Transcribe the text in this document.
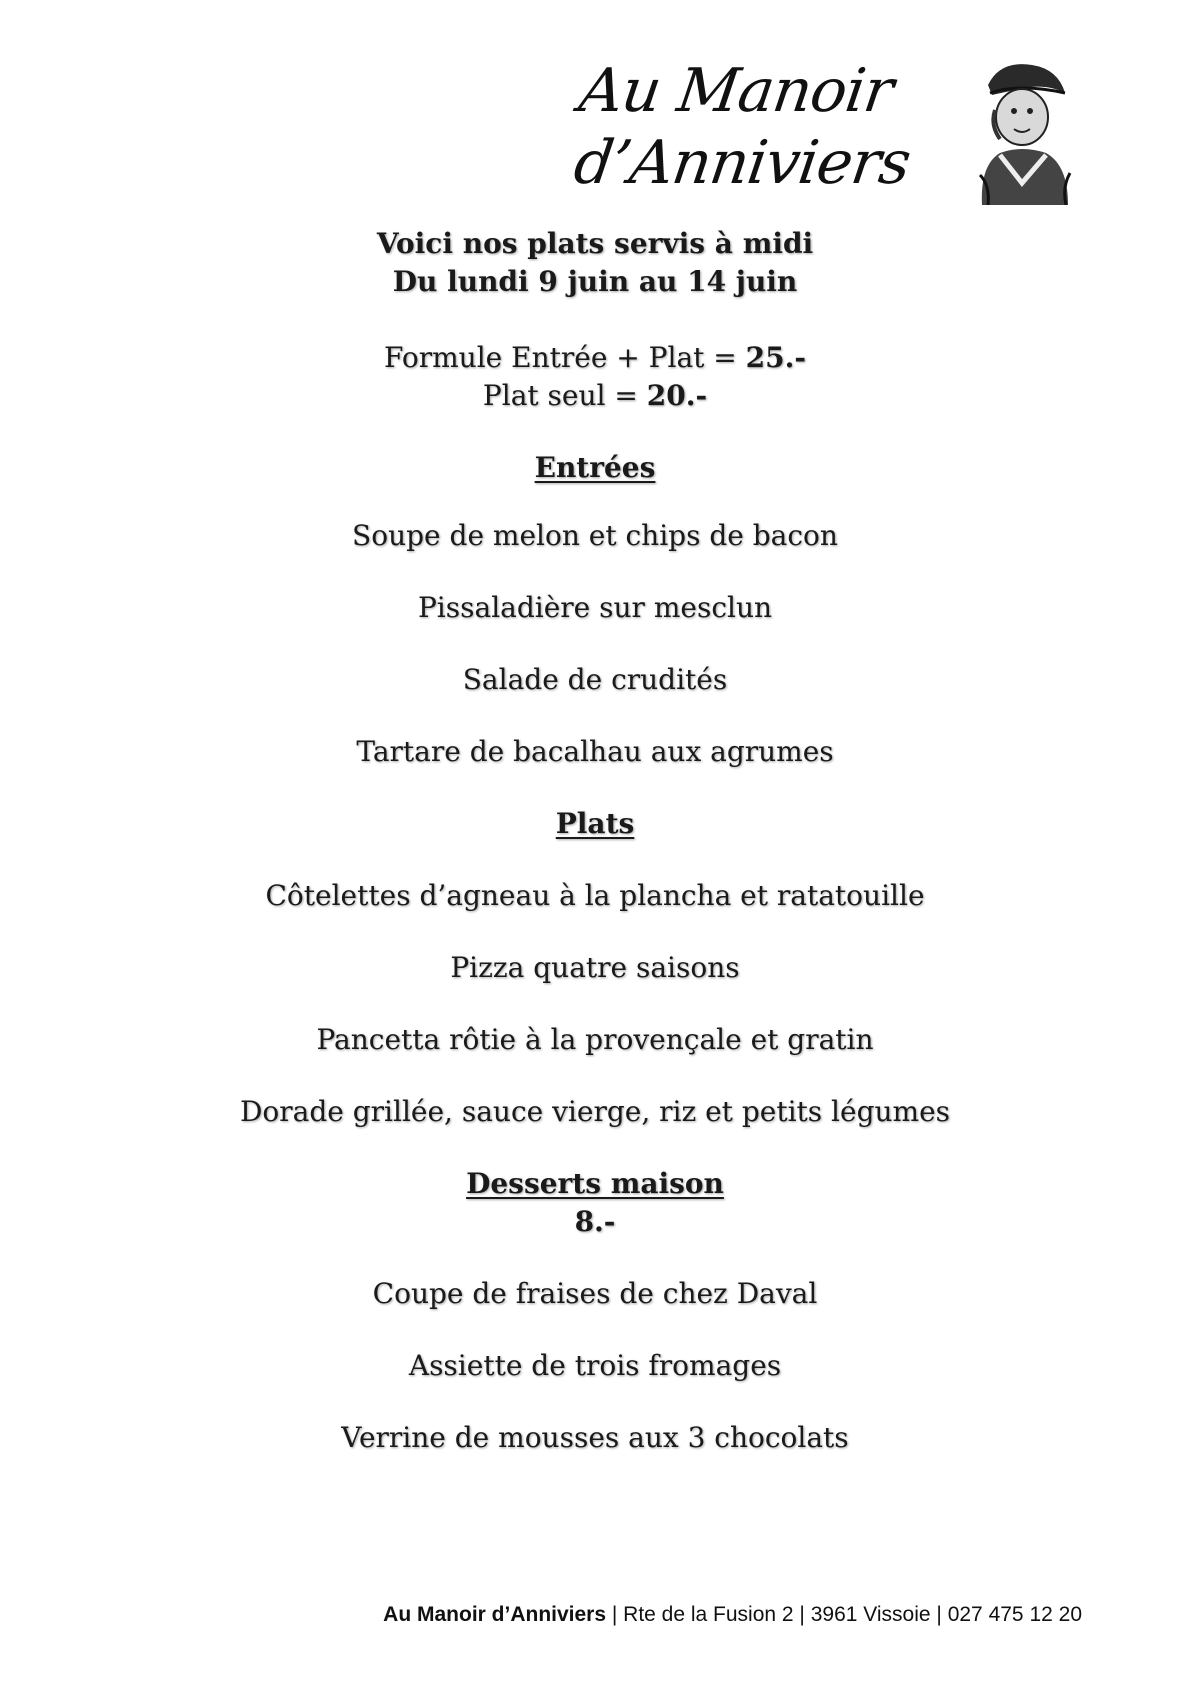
Au Manoir
d’Anniviers
Voici nos plats servis à midi
Du lundi 9 juin au 14 juin
Formule Entrée + Plat = 25.-
Plat seul = 20.-
Entrées
Soupe de melon et chips de bacon
Pissaladière sur mesclun
Salade de crudités
Tartare de bacalhau aux agrumes
Plats
Côtelettes d’agneau à la plancha et ratatouille
Pizza quatre saisons
Pancetta rôtie à la provençale et gratin
Dorade grillée, sauce vierge, riz et petits légumes
Desserts maison
8.-
Coupe de fraises de chez Daval
Assiette de trois fromages
Verrine de mousses aux 3 chocolats
Au Manoir d’Anniviers | Rte de la Fusion 2 | 3961 Vissoie | 027 475 12 20
